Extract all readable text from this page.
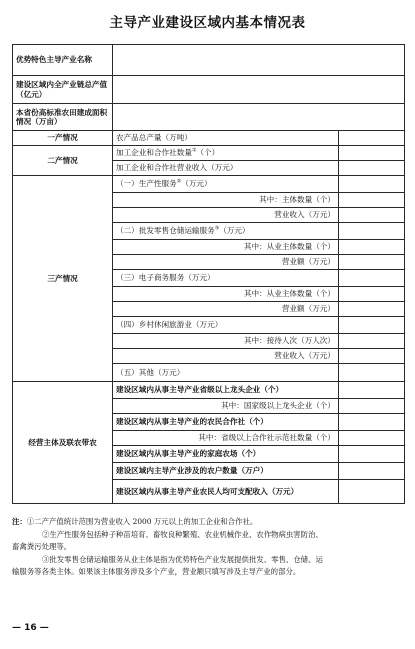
主导产业建设区域内基本情况表
优势特色主导产业名称		
建设区域内全产业链总产值（亿元）		
本省份高标准农田建成面积情况（万亩）		
一产情况	农产品总产量（万吨）	
二产情况	加工企业和合作社数量①（个）	
	加工企业和合作社营业收入（万元）	
三产情况	（一）生产性服务②（万元）	
	其中：主体数量（个）	
	营业收入（万元）	
	（二）批发零售仓储运输服务③（万元）	
	其中：从业主体数量（个）	
	营业额（万元）	
	（三）电子商务服务（万元）	
	其中：从业主体数量（个）	
	营业额（万元）	
	（四）乡村休闲旅游业（万元）	
	其中：接待人次（万人次）	
	营业收入（万元）	
	（五）其他（万元）	
经营主体及联农带农	建设区域内从事主导产业省级以上龙头企业（个）	
	其中：国家级以上龙头企业（个）	
	建设区域内从事主导产业的农民合作社（个）	
	其中：省级以上合作社示范社数量（个）	
	建设区域内从事主导产业的家庭农场（个）	
	建设区域内主导产业涉及的农户数量（万户）	
	建设区域内从事主导产业农民人均可支配收入（万元）	

注：①二产产值统计范围为营业收入 2000 万元以上的加工企业和合作社。

②生产性服务包括种子种苗培育、畜牧良种繁殖、农业机械作业、农作物病虫害防治、

畜禽粪污处理等。

③批发零售仓储运输服务从业主体是指为优势特色产业发展提供批发、零售、仓储、运

输服务等各类主体。如果该主体服务涉及多个产业，营业额只填写涉及主导产业的部分。

— 16 —
